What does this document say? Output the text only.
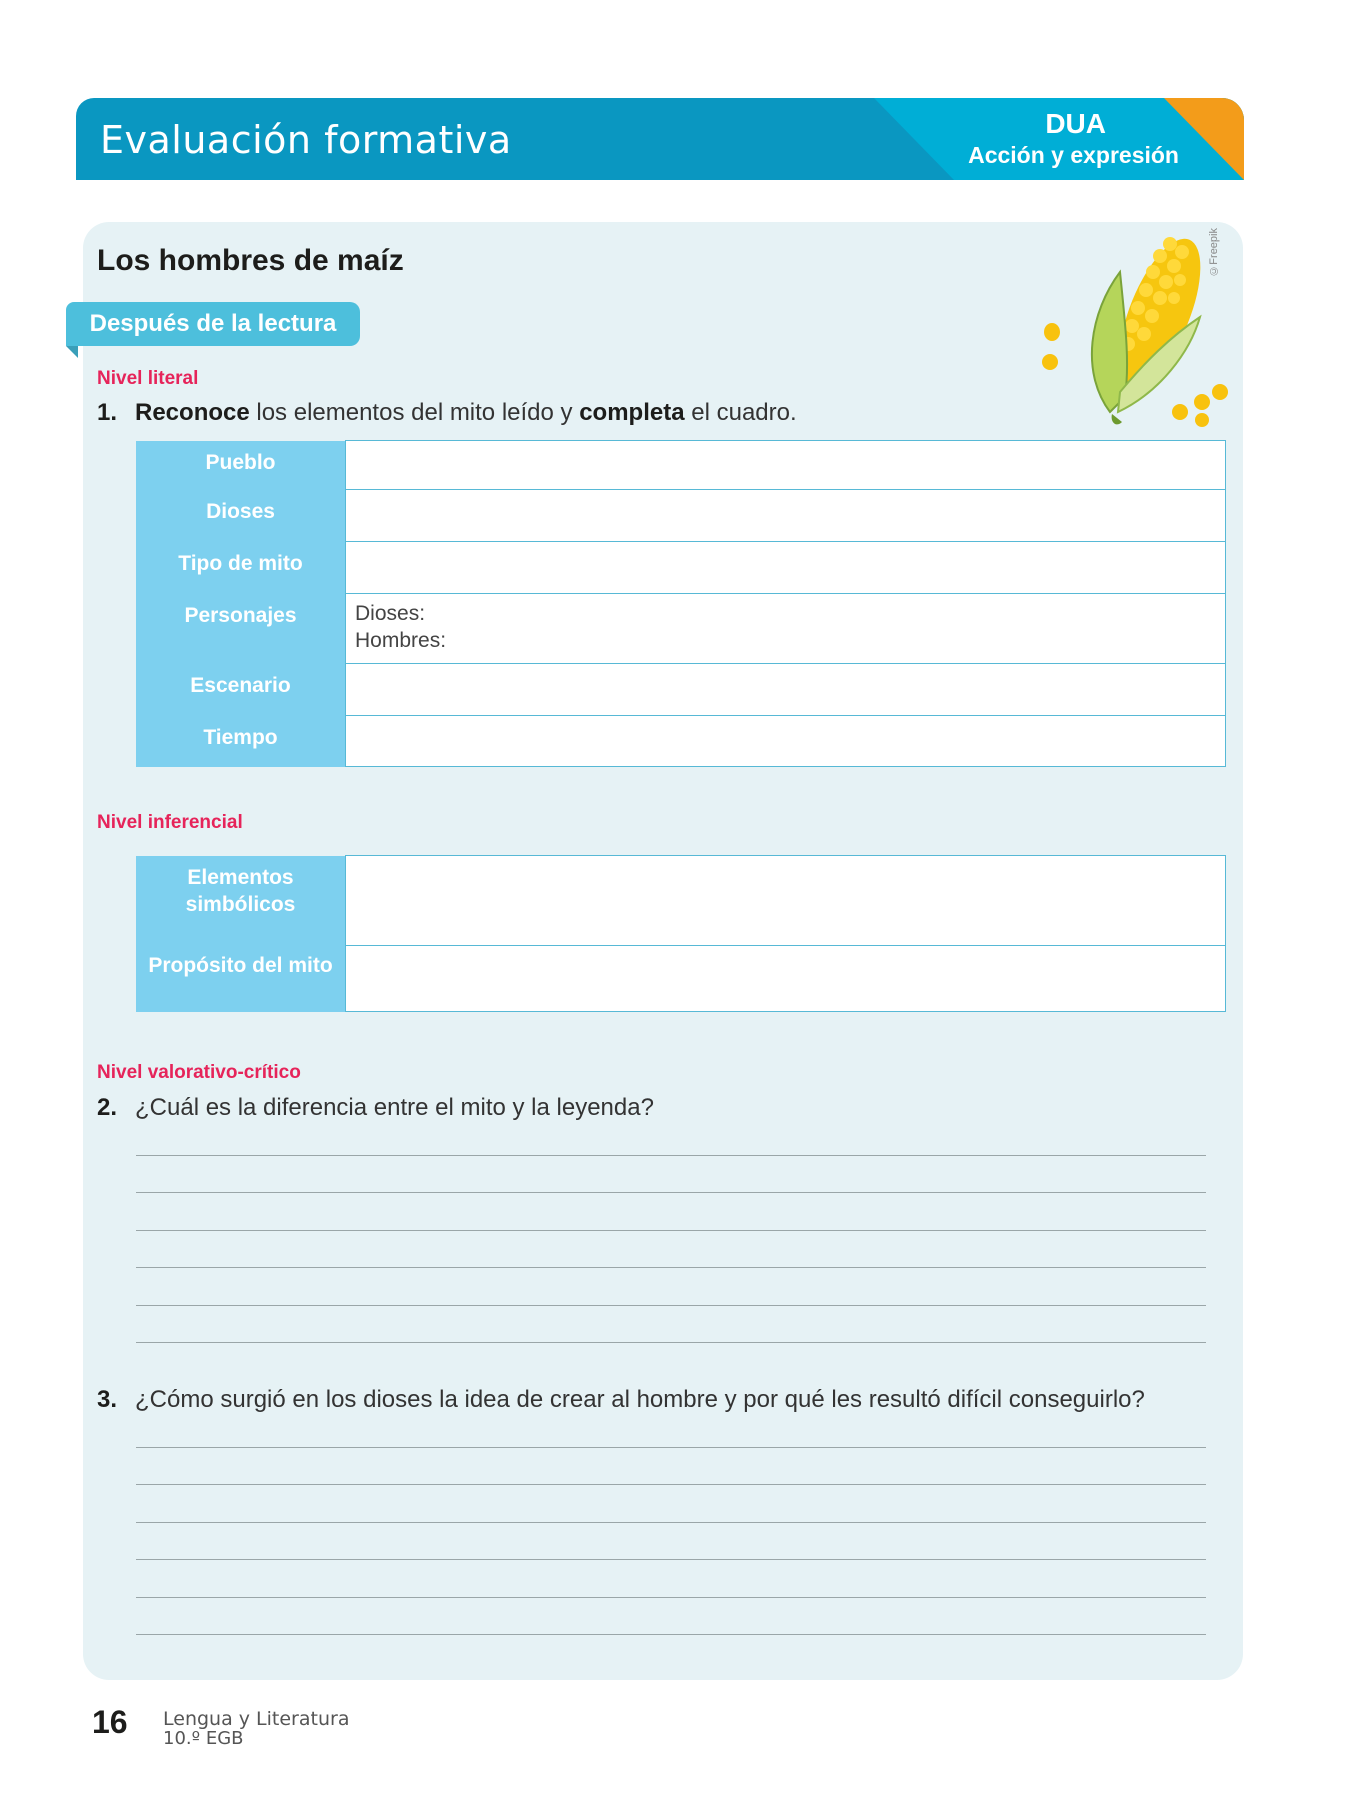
Evaluación formativa	DUA
Acción y expresión
Los hombres de maíz
Después de la lectura
©Freepik
Nivel literal
1. Reconoce los elementos del mito leído y completa el cuadro.
Pueblo	
Dioses	
Tipo de mito	
Personajes	Dioses:
Hombres:

Escenario	
Tiempo	
Nivel inferencial
Elementos
simbólicos	

Propósito del mito	
Nivel valorativo-crítico
2. ¿Cuál es la diferencia entre el mito y la leyenda?
3. ¿Cómo surgió en los dioses la idea de crear al hombre y por qué les resultó difícil conseguirlo?
16 Lengua y Literatura
10.º EGB
